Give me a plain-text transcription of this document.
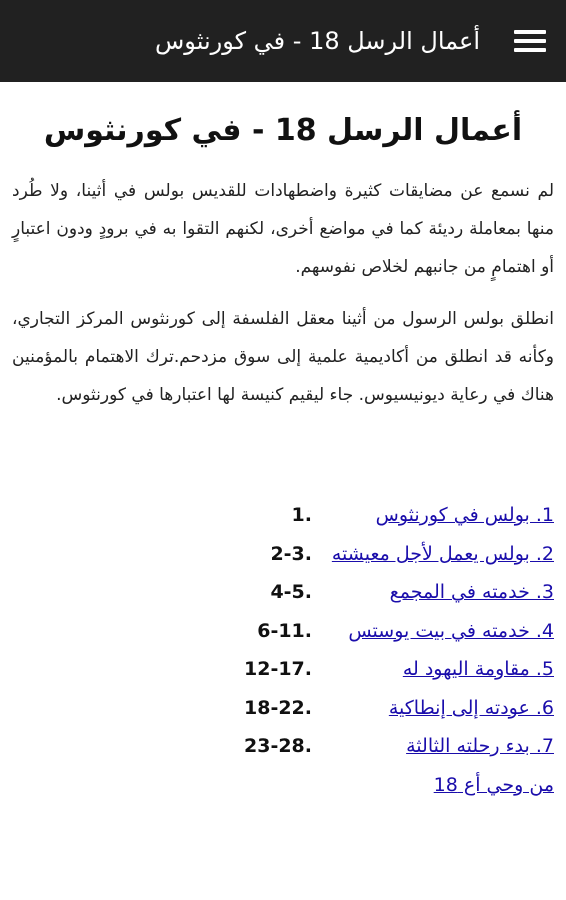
أعمال الرسل 18 - في كورنثوس
أعمال الرسل 18 - في كورنثوس

لم نسمع عن مضايقات كثيرة واضطهادات للقديس بولس في أثينا، ولا طُرد منها بمعاملة رديئة كما في مواضع أخرى، لكنهم التقوا به في برودٍ ودون اعتبارٍ أو اهتمامٍ من جانبهم لخلاص نفوسهم.

انطلق بولس الرسول من أثينا معقل الفلسفة إلى كورنثوس المركز التجاري، وكأنه قد انطلق من أكاديمية علمية إلى سوق مزدحم.ترك الاهتمام بالمؤمنين هناك في رعاية ديونيسيوس. جاء ليقيم كنيسة لها اعتبارها في كورنثوس.

1. بولس في كورنثوس
1.
2. بولس يعمل لأجل معيشته
2-3.
3. خدمته في المجمع
4-5.
4. خدمته في بيت يوستس
6-11.
5. مقاومة اليهود له
12-17.
6. عودته إلى إنطاكية
18-22.
7. بدء رحلته الثالثة
23-28.
من وحي أع 18
